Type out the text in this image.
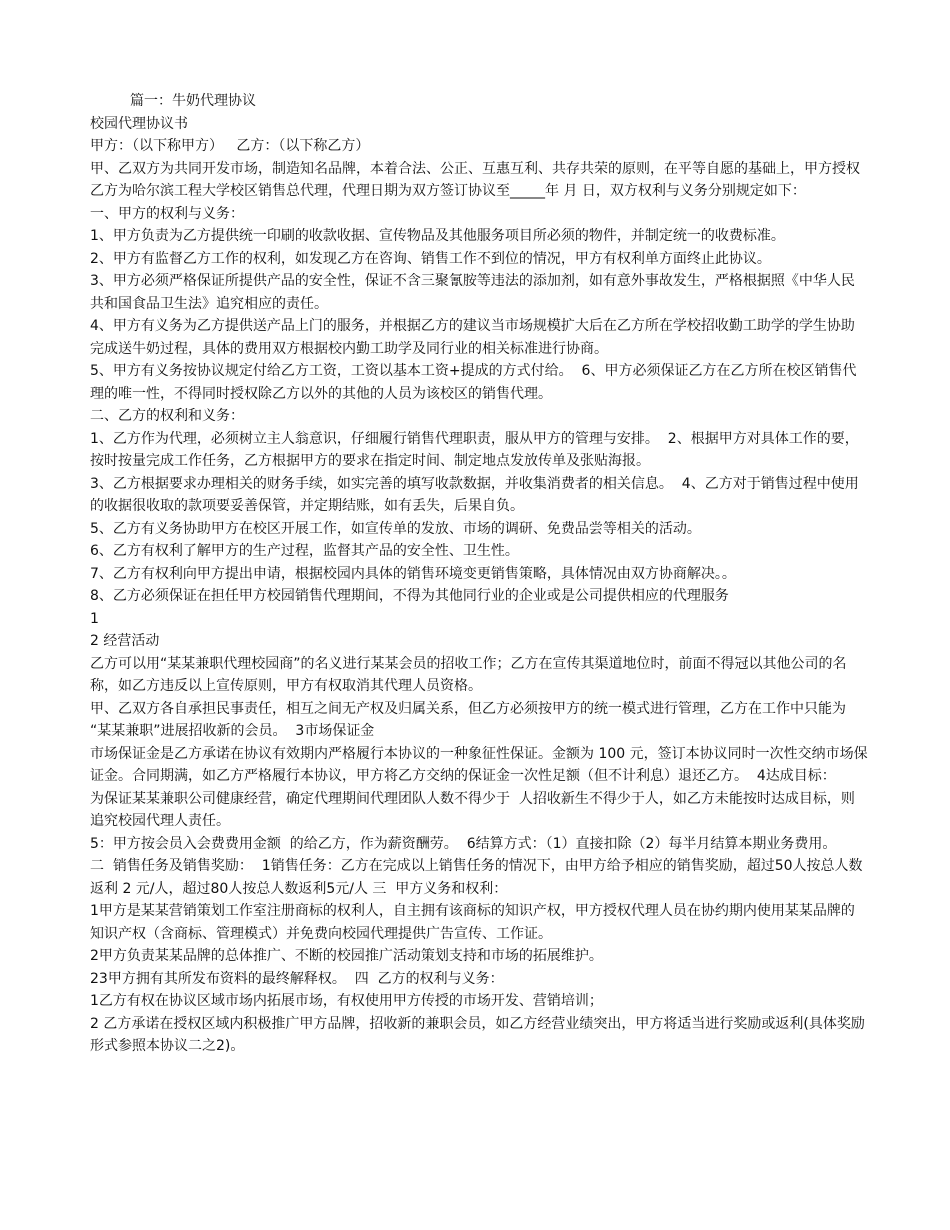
篇一：牛奶代理协议

校园代理协议书

甲方：（以下称甲方）   乙方：（以下称乙方）

甲、乙双方为共同开发市场，制造知名品牌，本着合法、公正、互惠互利、共存共荣的原则，在平等自愿的基础上，甲方授权乙方为哈尔滨工程大学校区销售总代理，代理日期为双方签订协议至_____年 月 日，双方权利与义务分别规定如下：

一、甲方的权利与义务：

1、甲方负责为乙方提供统一印刷的收款收据、宣传物品及其他服务项目所必须的物件，并制定统一的收费标准。

2、甲方有监督乙方工作的权利，如发现乙方在咨询、销售工作不到位的情况，甲方有权利单方面终止此协议。

3、甲方必须严格保证所提供产品的安全性，保证不含三聚氰胺等违法的添加剂，如有意外事故发生，严格根据照《中华人民共和国食品卫生法》追究相应的责任。

4、甲方有义务为乙方提供送产品上门的服务，并根据乙方的建议当市场规模扩大后在乙方所在学校招收勤工助学的学生协助完成送牛奶过程，具体的费用双方根据校内勤工助学及同行业的相关标准进行协商。

5、甲方有义务按协议规定付给乙方工资，工资以基本工资+提成的方式付给。  6、甲方必须保证乙方在乙方所在校区销售代理的唯一性，不得同时授权除乙方以外的其他的人员为该校区的销售代理。

二、乙方的权利和义务：

1、乙方作为代理，必须树立主人翁意识，仔细履行销售代理职责，服从甲方的管理与安排。  2、根据甲方对具体工作的要，按时按量完成工作任务，乙方根据甲方的要求在指定时间、制定地点发放传单及张贴海报。

3、乙方根据要求办理相关的财务手续，如实完善的填写收款数据，并收集消费者的相关信息。  4、乙方对于销售过程中使用的收据很收取的款项要妥善保管，并定期结账，如有丢失，后果自负。

5、乙方有义务协助甲方在校区开展工作，如宣传单的发放、市场的调研、免费品尝等相关的活动。

6、乙方有权利了解甲方的生产过程，监督其产品的安全性、卫生性。

7、乙方有权利向甲方提出申请，根据校园内具体的销售环境变更销售策略，具体情况由双方协商解决。。

8、乙方必须保证在担任甲方校园销售代理期间，不得为其他同行业的企业或是公司提供相应的代理服务

1

2 经营活动

乙方可以用“某某兼职代理校园商”的名义进行某某会员的招收工作；乙方在宣传其渠道地位时，前面不得冠以其他公司的名称，如乙方违反以上宣传原则，甲方有权取消其代理人员资格。

甲、乙双方各自承担民事责任，相互之间无产权及归属关系，但乙方必须按甲方的统一模式进行管理，乙方在工作中只能为 “某某兼职”进展招收新的会员。  3市场保证金

市场保证金是乙方承诺在协议有效期内严格履行本协议的一种象征性保证。金额为 100 元，签订本协议同时一次性交纳市场保证金。合同期满，如乙方严格履行本协议，甲方将乙方交纳的保证金一次性足额（但不计利息）退还乙方。  4达成目标：

为保证某某兼职公司健康经营，确定代理期间代理团队人数不得少于  人招收新生不得少于人，如乙方未能按时达成目标，则追究校园代理人责任。

5：甲方按会员入会费费用金额  的给乙方，作为薪资酬劳。  6结算方式：（1）直接扣除（2）每半月结算本期业务费用。    二  销售任务及销售奖励：  1销售任务：乙方在完成以上销售任务的情况下，由甲方给予相应的销售奖励，超过50人按总人数返利 2 元/人，超过80人按总人数返利5元/人 三  甲方义务和权利：

1甲方是某某营销策划工作室注册商标的权利人，自主拥有该商标的知识产权，甲方授权代理人员在协约期内使用某某品牌的知识产权（含商标、管理模式）并免费向校园代理提供广告宣传、工作证。

2甲方负责某某品牌的总体推广、不断的校园推广活动策划支持和市场的拓展维护。

23甲方拥有其所发布资料的最终解释权。  四  乙方的权利与义务：

1乙方有权在协议区域市场内拓展市场，有权使用甲方传授的市场开发、营销培训；

2 乙方承诺在授权区域内积极推广甲方品牌，招收新的兼职会员，如乙方经营业绩突出，甲方将适当进行奖励或返利(具体奖励形式参照本协议二之2)。
